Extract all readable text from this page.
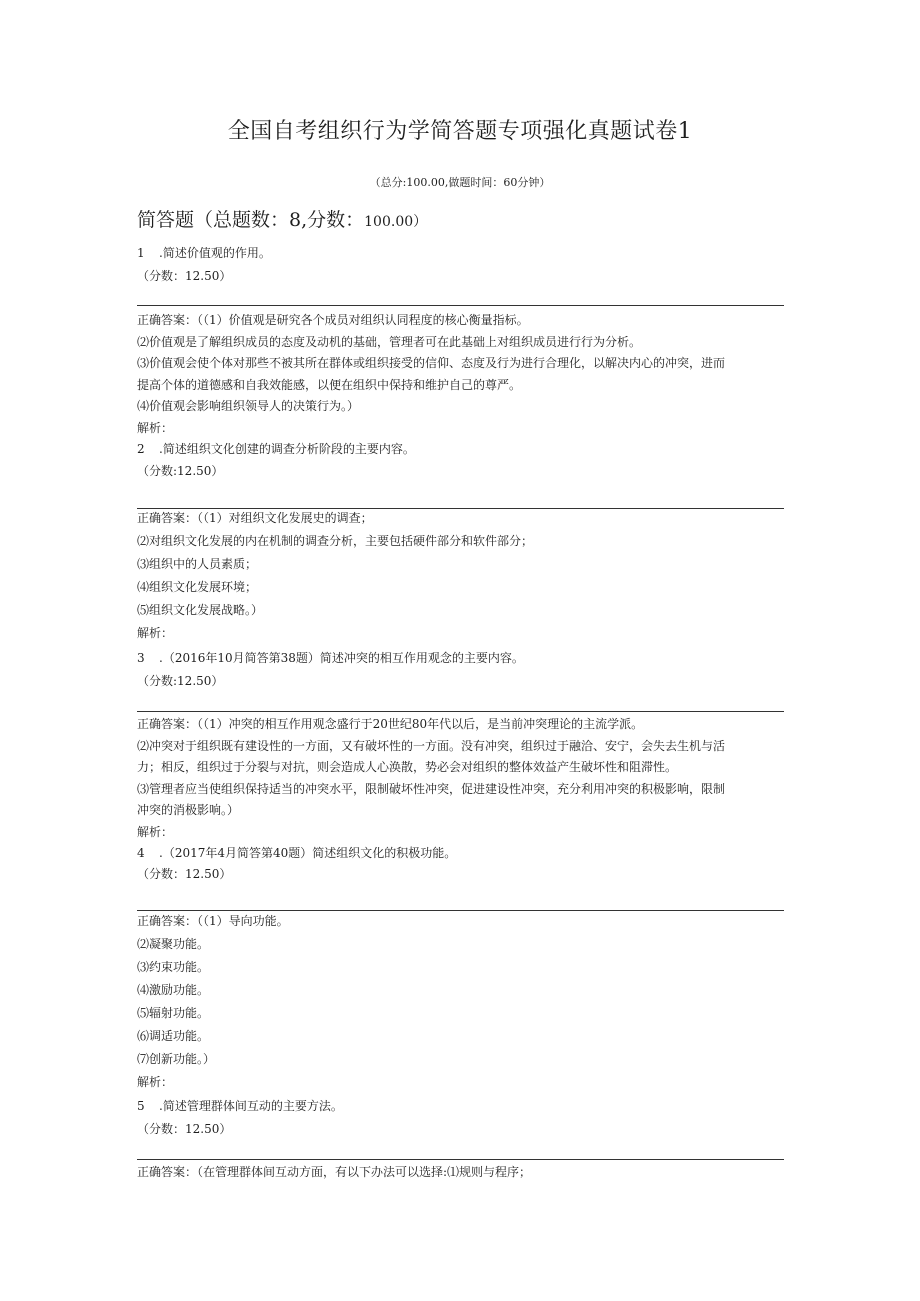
全国自考组织行为学简答题专项强化真题试卷1
（总分:100.00,做题时间：60分钟）
简答题（总题数：8,分数：100.00）
1 .简述价值观的作用。
（分数：12.50）
正确答案：（（1）价值观是研究各个成员对组织认同程度的核心衡量指标。
⑵价值观是了解组织成员的态度及动机的基础，管理者可在此基础上对组织成员进行行为分析。
⑶价值观会使个体对那些不被其所在群体或组织接受的信仰、态度及行为进行合理化，以解决内心的冲突，进而
提高个体的道德感和自我效能感，以便在组织中保持和维护自己的尊严。
⑷价值观会影响组织领导人的决策行为。）
解析：
2 .简述组织文化创建的调查分析阶段的主要内容。
（分数:12.50）
正确答案：（（1）对组织文化发展史的调查；
⑵对组织文化发展的内在机制的调查分析，主要包括硬件部分和软件部分；
⑶组织中的人员素质；
⑷组织文化发展环境；
⑸组织文化发展战略。）
解析：
3 .（2016年10月简答第38题）简述冲突的相互作用观念的主要内容。
（分数:12.50）
正确答案：（（1）冲突的相互作用观念盛行于20世纪80年代以后，是当前冲突理论的主流学派。
⑵冲突对于组织既有建设性的一方面，又有破坏性的一方面。没有冲突，组织过于融洽、安宁，会失去生机与活
力；相反，组织过于分裂与对抗，则会造成人心涣散，势必会对组织的整体效益产生破坏性和阻滞性。
⑶管理者应当使组织保持适当的冲突水平，限制破坏性冲突，促进建设性冲突，充分利用冲突的积极影响，限制
冲突的消极影响。）
解析：
4 .（2017年4月简答第40题）简述组织文化的积极功能。
（分数：12.50）
正确答案：（（1）导向功能。
⑵凝聚功能。
⑶约束功能。
⑷激励功能。
⑸辐射功能。
⑹调适功能。
⑺创新功能。）
解析：
5 .简述管理群体间互动的主要方法。
（分数：12.50）
正确答案：（在管理群体间互动方面，有以下办法可以选择:⑴规则与程序；
